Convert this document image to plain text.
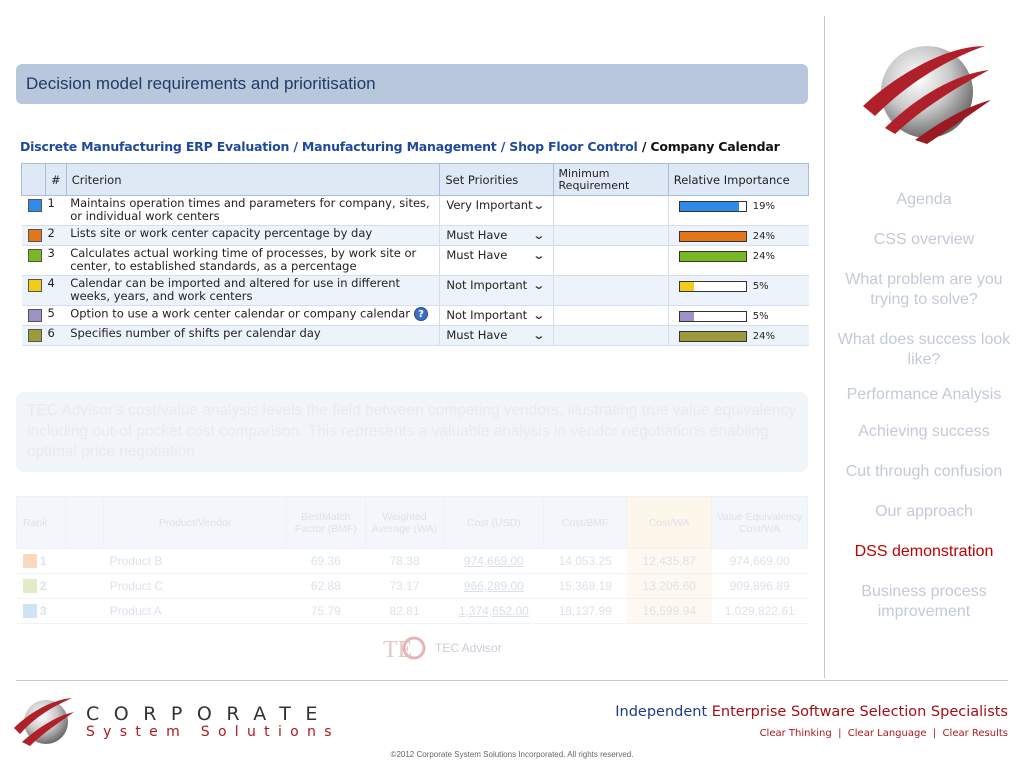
Decision model requirements and prioritisation
Discrete Manufacturing ERP Evaluation / Manufacturing Management / Shop Floor Control / Company Calendar
	#	Criterion	Set Priorities	Minimum Requirement	Relative Importance
	1	Maintains operation times and parameters for company, sites, or individual work centers	Very Important ⌄		19%

	2	Lists site or work center capacity percentage by day	Must Have ⌄		24%

	3	Calculates actual working time of processes, by work site or center, to established standards, as a percentage	Must Have ⌄		24%

	4	Calendar can be imported and altered for use in different weeks, years, and work centers	Not Important ⌄		5%

	5	Option to use a work center calendar or company calendar ?	Not Important ⌄		5%

	6	Specifies number of shifts per calendar day	Must Have ⌄		24%
TEC Advisor's cost/value analysis levels the field between competing vendors, illustrating true value equivalency including out-of pocket cost comparison. This represents a valuable analysis in vendor negotiations enabling optimal price negotiation
Rank		Product/Vendor	BestMatch Factor (BMF)	Weighted Average (WA)	Cost (USD)	Cost/BMF	Cost/WA	Value Equivalency Cost/WA
1		Product B	69.36	78.38	974,669.00	14,053.25	12,435.87	974,669.00
2		Product C	62.88	73.17	966,289.00	15,368.19	13,206.60	909,896.89
3		Product A	75.79	82.81	1,374,652.00	18,137.99	16,599.94	1,029,822.61
TE TEC Advisor
Agenda
CSS overview
What problem are you trying to solve?
What does success look like?
Performance Analysis
Achieving success
Cut through confusion
Our approach
DSS demonstration
Business process improvement
CORPORATE
System Solutions
Independent Enterprise Software Selection Specialists
Clear Thinking  |  Clear Language  |  Clear Results
©2012 Corporate System Solutions Incorporated. All rights reserved.
